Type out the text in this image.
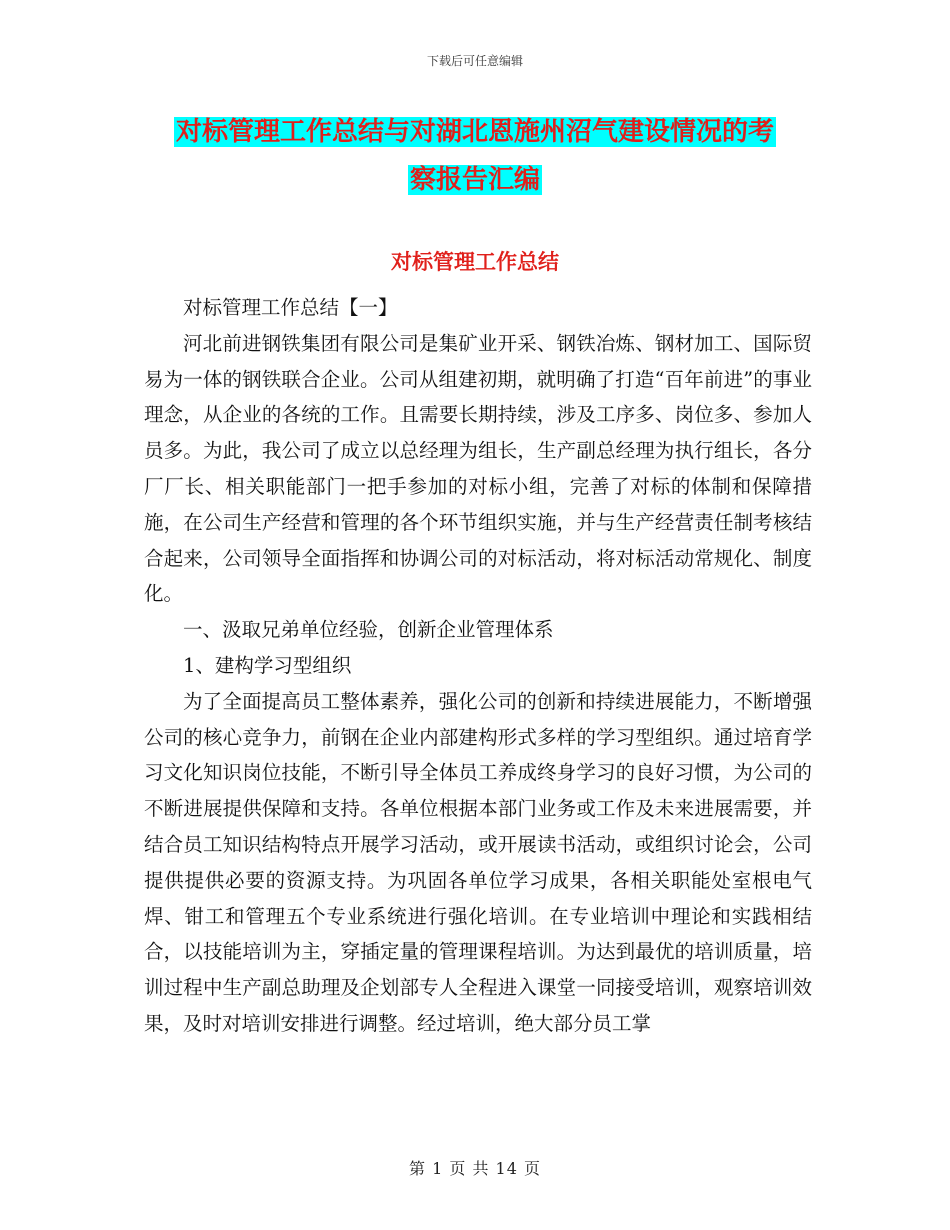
下载后可任意编辑
对标管理工作总结与对湖北恩施州沼气建设情况的考
察报告汇编
对标管理工作总结

对标管理工作总结【一】

河北前进钢铁集团有限公司是集矿业开采、钢铁冶炼、钢材加工、国际贸易为一体的钢铁联合企业。公司从组建初期，就明确了打造“百年前进”的事业理念，从企业的各统的工作。且需要长期持续，涉及工序多、岗位多、参加人员多。为此，我公司了成立以总经理为组长，生产副总经理为执行组长，各分厂厂长、相关职能部门一把手参加的对标小组，完善了对标的体制和保障措施，在公司生产经营和管理的各个环节组织实施，并与生产经营责任制考核结合起来，公司领导全面指挥和协调公司的对标活动，将对标活动常规化、制度化。

一、汲取兄弟单位经验，创新企业管理体系

1、建构学习型组织

为了全面提高员工整体素养，强化公司的创新和持续进展能力，不断增强公司的核心竞争力，前钢在企业内部建构形式多样的学习型组织。通过培育学习文化知识岗位技能，不断引导全体员工养成终身学习的良好习惯，为公司的不断进展提供保障和支持。各单位根据本部门业务或工作及未来进展需要，并结合员工知识结构特点开展学习活动，或开展读书活动，或组织讨论会，公司提供提供必要的资源支持。为巩固各单位学习成果，各相关职能处室根电气焊、钳工和管理五个专业系统进行强化培训。在专业培训中理论和实践相结合，以技能培训为主，穿插定量的管理课程培训。为达到最优的培训质量，培训过程中生产副总助理及企划部专人全程进入课堂一同接受培训，观察培训效果，及时对培训安排进行调整。经过培训，绝大部分员工掌

第 1 页 共 14 页
